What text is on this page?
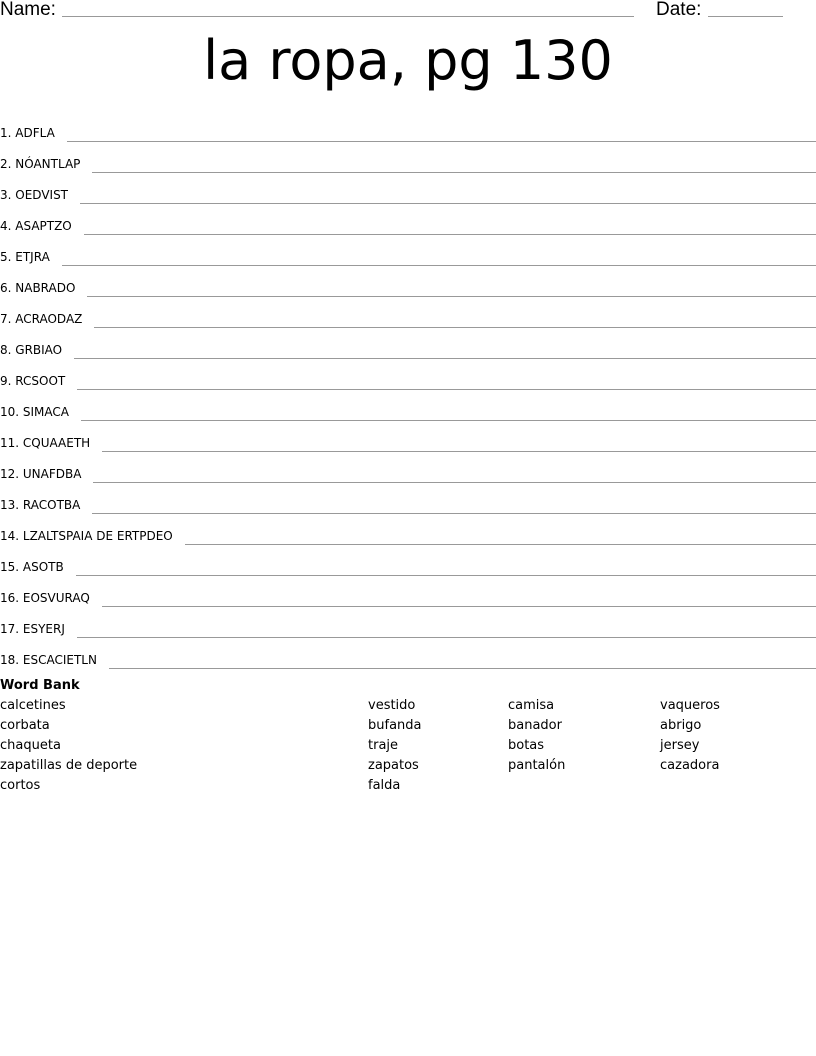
Name:	Date:
la ropa, pg 130
1. ADFLA
2. NÓANTLAP
3. OEDVIST
4. ASAPTZO
5. ETJRA
6. NABRADO
7. ACRAODAZ
8. GRBIAO
9. RCSOOT
10. SIMACA
11. CQUAAETH
12. UNAFDBA
13. RACOTBA
14. LZALTSPAIA DE ERTPDEO
15. ASOTB
16. EOSVURAQ
17. ESYERJ
18. ESCACIETLN
Word Bank
calcetines
corbata
chaqueta
zapatillas de deporte
cortos
vestido
bufanda
traje
zapatos
falda
camisa
banador
botas
pantalón
vaqueros
abrigo
jersey
cazadora
